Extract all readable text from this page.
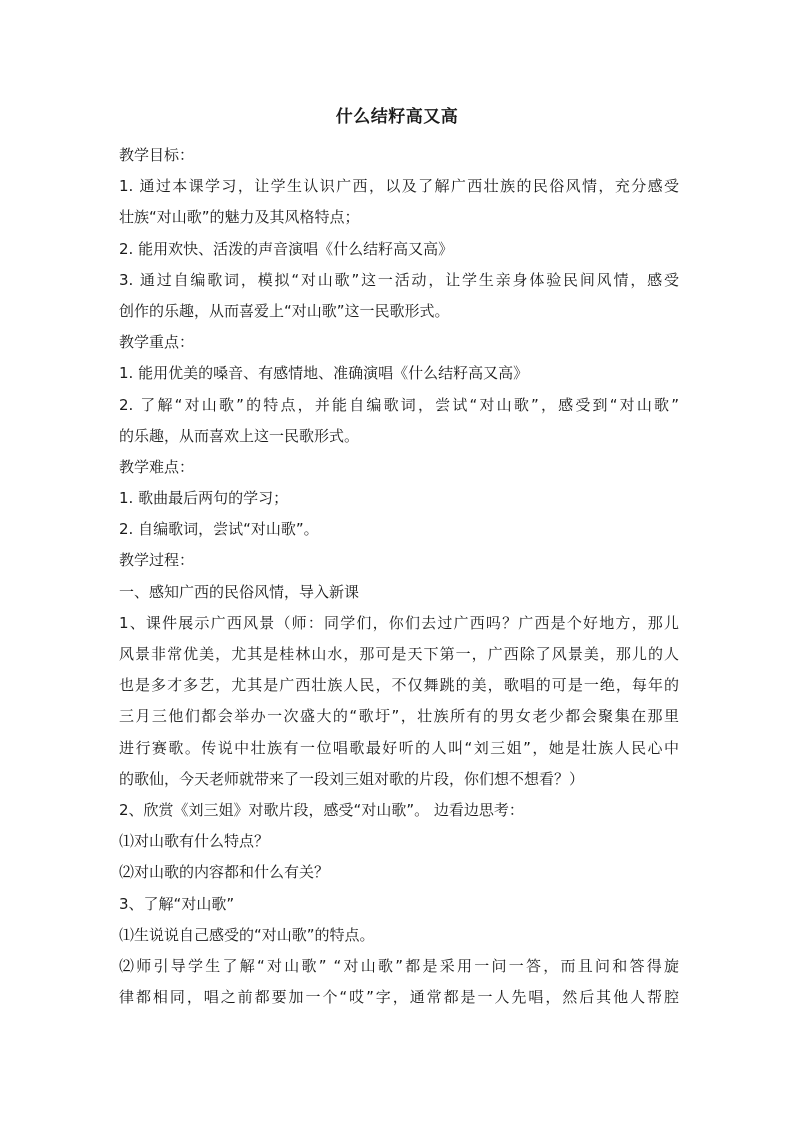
什么结籽高又高
教学目标：
1. 通过本课学习，让学生认识广西，以及了解广西壮族的民俗风情，充分感受
壮族“对山歌”的魅力及其风格特点；
2. 能用欢快、活泼的声音演唱《什么结籽高又高》
3. 通过自编歌词，模拟“对山歌”这一活动，让学生亲身体验民间风情，感受
创作的乐趣，从而喜爱上“对山歌”这一民歌形式。
教学重点：
1. 能用优美的嗓音、有感情地、准确演唱《什么结籽高又高》
2. 了解“对山歌”的特点，并能自编歌词，尝试“对山歌”，感受到“对山歌”
的乐趣，从而喜欢上这一民歌形式。
教学难点：
1. 歌曲最后两句的学习；
2. 自编歌词，尝试“对山歌”。
教学过程：
一、感知广西的民俗风情，导入新课
1、课件展示广西风景（师：同学们，你们去过广西吗？广西是个好地方，那儿
风景非常优美，尤其是桂林山水，那可是天下第一，广西除了风景美，那儿的人
也是多才多艺，尤其是广西壮族人民，不仅舞跳的美，歌唱的可是一绝，每年的
三月三他们都会举办一次盛大的“歌圩”，壮族所有的男女老少都会聚集在那里
进行赛歌。传说中壮族有一位唱歌最好听的人叫“刘三姐”，她是壮族人民心中
的歌仙，今天老师就带来了一段刘三姐对歌的片段，你们想不想看？）
2、欣赏《刘三姐》对歌片段，感受“对山歌”。 边看边思考：
⑴对山歌有什么特点？
⑵对山歌的内容都和什么有关？
3、了解“对山歌”
⑴生说说自己感受的“对山歌”的特点。
⑵师引导学生了解“对山歌” “对山歌”都是采用一问一答，而且问和答得旋
律都相同，唱之前都要加一个“哎”字，通常都是一人先唱，然后其他人帮腔
